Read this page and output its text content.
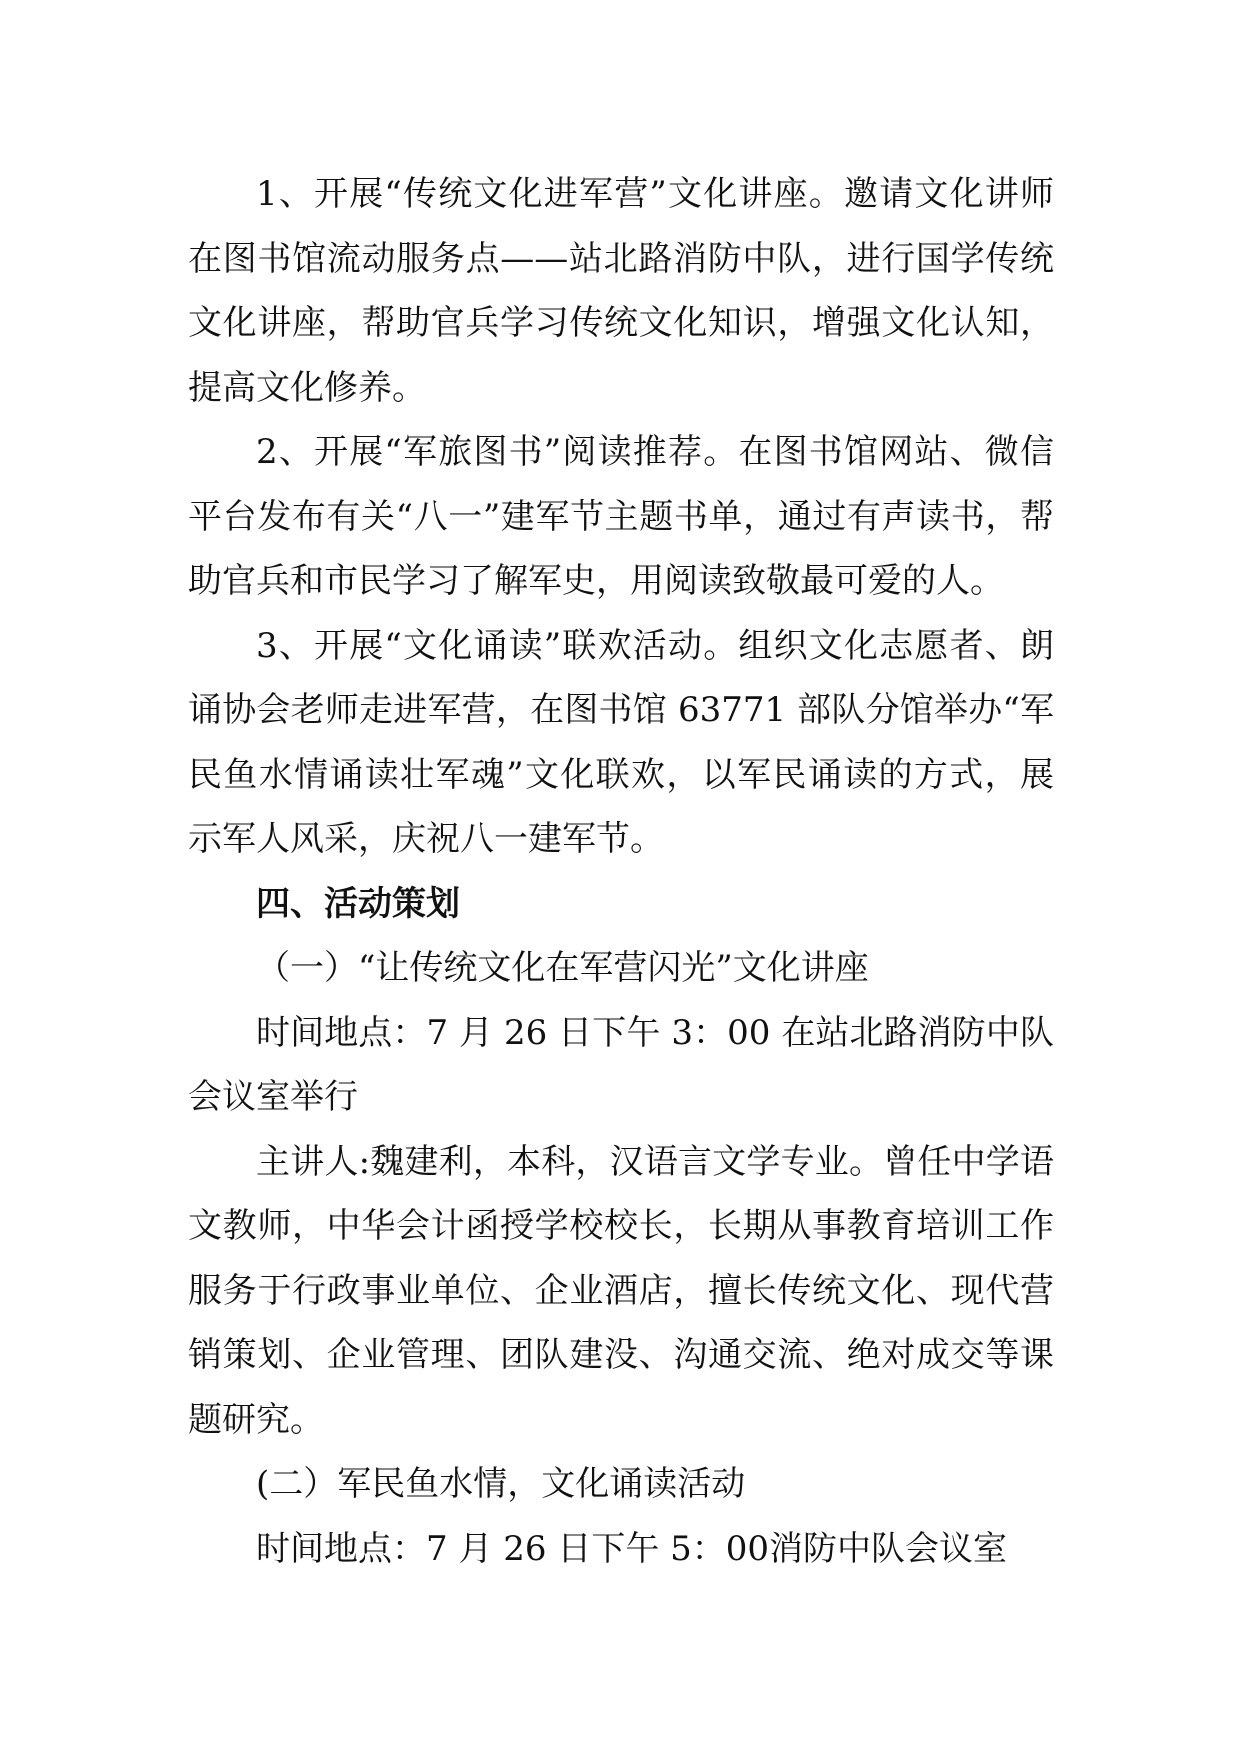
1、开展“传统文化进军营”文化讲座。邀请文化讲师在图书馆流动服务点——站北路消防中队，进行国学传统文化讲座，帮助官兵学习传统文化知识，增强文化认知，提高文化修养。

2、开展“军旅图书”阅读推荐。在图书馆网站、微信平台发布有关“八一”建军节主题书单，通过有声读书，帮助官兵和市民学习了解军史，用阅读致敬最可爱的人。

3、开展“文化诵读”联欢活动。组织文化志愿者、朗诵协会老师走进军营，在图书馆 63771 部队分馆举办“军民鱼水情诵读壮军魂”文化联欢，以军民诵读的方式，展示军人风采，庆祝八一建军节。

四、活动策划

（一）“让传统文化在军营闪光”文化讲座

时间地点：7 月 26 日下午 3：00 在站北路消防中队会议室举行

主讲人:魏建利，本科，汉语言文学专业。曾任中学语文教师，中华会计函授学校校长，长期从事教育培训工作服务于行政事业单位、企业酒店，擅长传统文化、现代营销策划、企业管理、团队建没、沟通交流、绝对成交等课题研究。

(二）军民鱼水情，文化诵读活动

时间地点：7 月 26 日下午 5：00消防中队会议室
